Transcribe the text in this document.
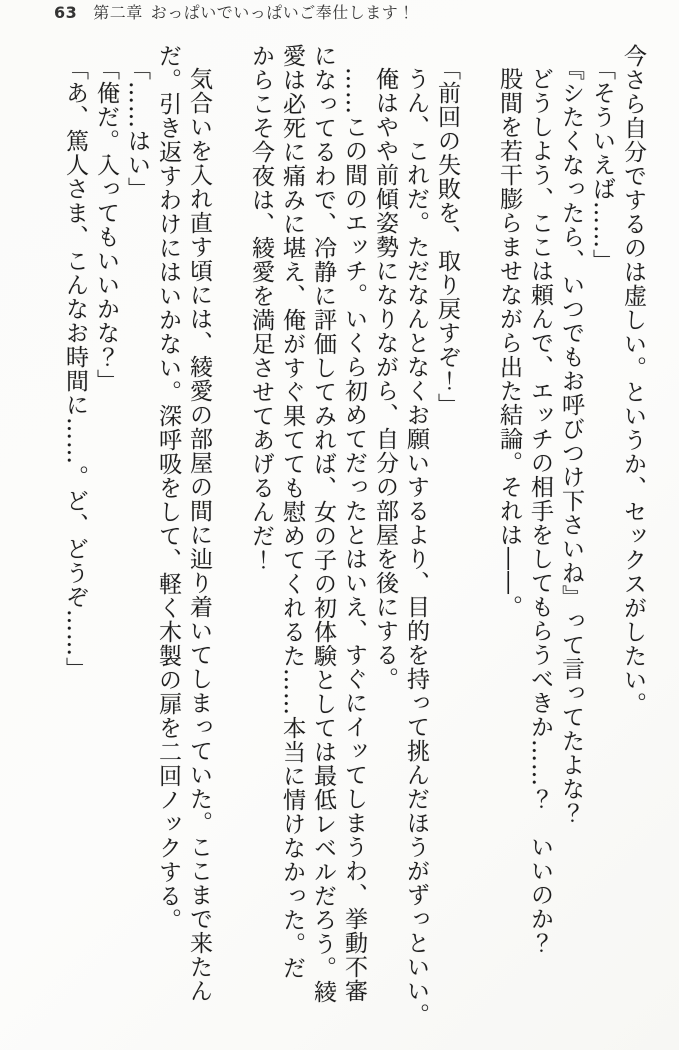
63 第二章 おっぱいでいっぱいご奉仕します！

今さら自分でするのは虚しい。というか、セックスがしたい。

「そういえば……」

『シたくなったら、いつでもお呼びつけ下さいね』って言ってたよな？

どうしよう、ここは頼んで、エッチの相手をしてもらうべきか……？　いいのか？

股間を若干膨らませながら出た結論。それは――。

「前回の失敗を、取り戻すぞ！」

うん、これだ。ただなんとなくお願いするより、目的を持って挑んだほうがずっといい。

俺はやや前傾姿勢になりながら、自分の部屋を後にする。

……この間のエッチ。いくら初めてだったとはいえ、すぐにイッてしまうわ、挙動不審

になってるわで、冷静に評価してみれば、女の子の初体験としては最低レベルだろう。綾

愛は必死に痛みに堪え、俺がすぐ果てても慰めてくれるた……本当に情けなかった。だ

からこそ今夜は、綾愛を満足させてあげるんだ！

気合いを入れ直す頃には、綾愛の部屋の間に辿り着いてしまっていた。ここまで来たん

だ。引き返すわけにはいかない。深呼吸をして、軽く木製の扉を二回ノックする。

「……はい」

「俺だ。入ってもいいかな？」

「あ、篤人さま、こんなお時間に……。ど、どうぞ……」
